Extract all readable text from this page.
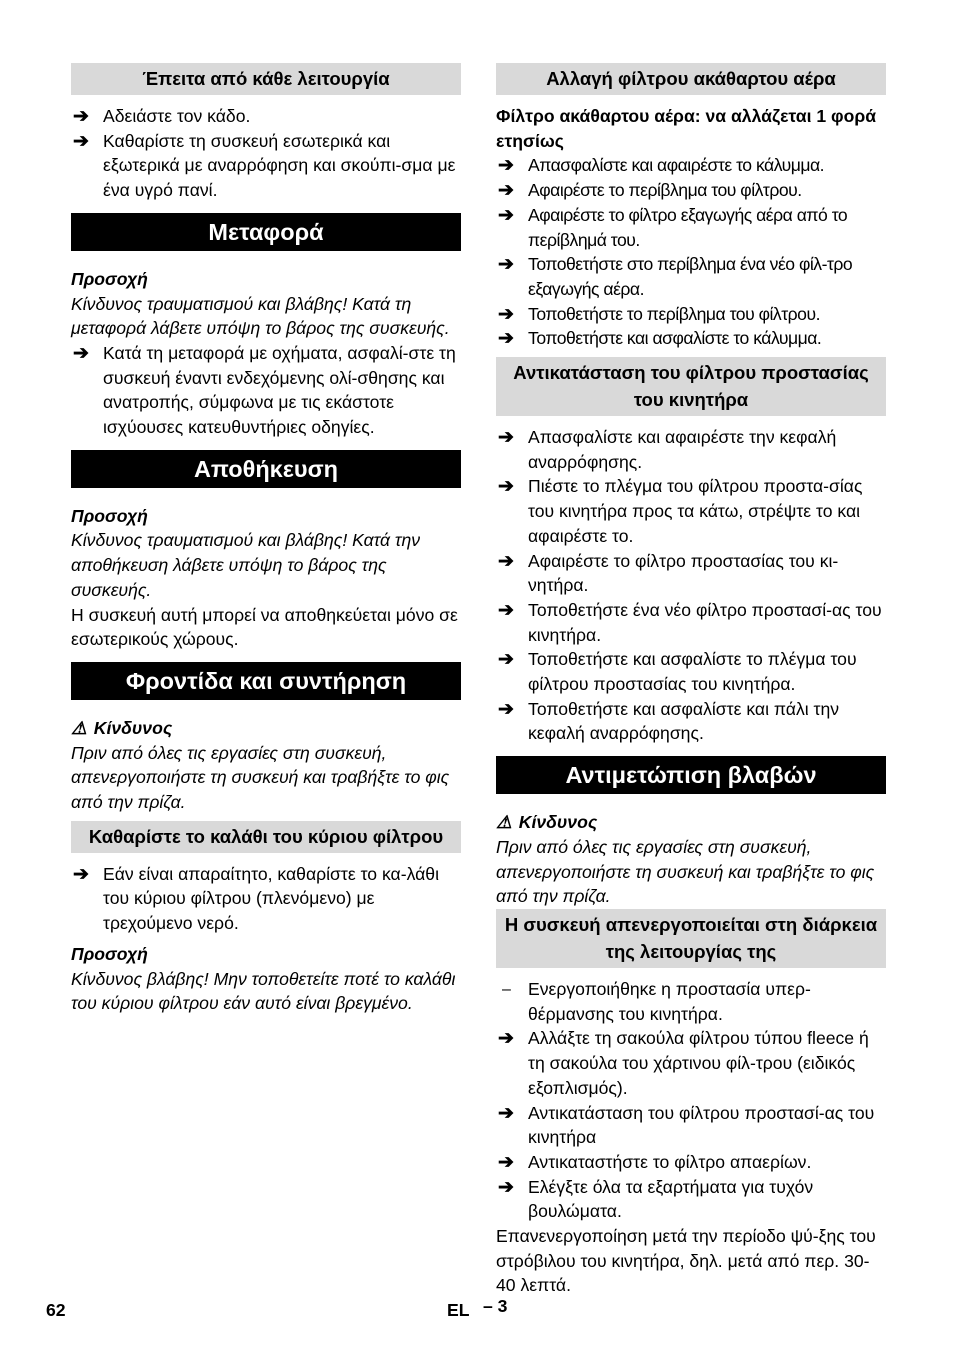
Έπειτα από κάθε λειτουργία
➔ Αδειάστε τον κάδο.
➔ Καθαρίστε τη συσκευή εσωτερικά και εξωτερικά με αναρρόφηση και σκούπι-σμα με ένα υγρό πανί.
Μεταφορά

Προσοχή

Κίνδυνος τραυματισμού και βλάβης! Κατά τη μεταφορά λάβετε υπόψη το βάρος της συσκευής.

➔ Κατά τη μεταφορά με οχήματα, ασφαλί-στε τη συσκευή έναντι ενδεχόμενης ολί-σθησης και ανατροπής, σύμφωνα με τις εκάστοτε ισχύουσες κατευθυντήριες οδηγίες.
Αποθήκευση

Προσοχή

Κίνδυνος τραυματισμού και βλάβης! Κατά την αποθήκευση λάβετε υπόψη το βάρος της συσκευής.

Η συσκευή αυτή μπορεί να αποθηκεύεται μόνο σε εσωτερικούς χώρους.

Φροντίδα και συντήρηση

⚠ Κίνδυνος

Πριν από όλες τις εργασίες στη συσκευή, απενεργοποιήστε τη συσκευή και τραβήξτε το φις από την πρίζα.

Καθαρίστε το καλάθι του κύριου φίλτρου
➔ Εάν είναι απαραίτητο, καθαρίστε το κα-λάθι του κύριου φίλτρου (πλενόμενο) με τρεχούμενο νερό.

Προσοχή

Κίνδυνος βλάβης! Μην τοποθετείτε ποτέ το καλάθι του κύριου φίλτρου εάν αυτό είναι βρεγμένο.

Αλλαγή φίλτρου ακάθαρτου αέρα

Φίλτρο ακάθαρτου αέρα: να αλλάζεται 1 φορά ετησίως

➔ Απασφαλίστε και αφαιρέστε το κάλυμμα.
➔ Αφαιρέστε το περίβλημα του φίλτρου.
➔ Αφαιρέστε το φίλτρο εξαγωγής αέρα από το περίβλημά του.
➔ Τοποθετήστε στο περίβλημα ένα νέο φίλ-τρο εξαγωγής αέρα.
➔ Τοποθετήστε το περίβλημα του φίλτρου.
➔ Τοποθετήστε και ασφαλίστε το κάλυμμα.
Αντικατάσταση του φίλτρου προστασίας του κινητήρα
➔ Απασφαλίστε και αφαιρέστε την κεφαλή αναρρόφησης.
➔ Πιέστε το πλέγμα του φίλτρου προστα-σίας του κινητήρα προς τα κάτω, στρέψτε το και αφαιρέστε το.
➔ Αφαιρέστε το φίλτρο προστασίας του κι-νητήρα.
➔ Τοποθετήστε ένα νέο φίλτρο προστασί-ας του κινητήρα.
➔ Τοποθετήστε και ασφαλίστε το πλέγμα του φίλτρου προστασίας του κινητήρα.
➔ Τοποθετήστε και ασφαλίστε και πάλι την κεφαλή αναρρόφησης.
Αντιμετώπιση βλαβών

⚠ Κίνδυνος

Πριν από όλες τις εργασίες στη συσκευή, απενεργοποιήστε τη συσκευή και τραβήξτε το φις από την πρίζα.

Η συσκευή απενεργοποιείται στη διάρκεια της λειτουργίας της
– Ενεργοποιήθηκε η προστασία υπερ-θέρμανσης του κινητήρα.
➔ Αλλάξτε τη σακούλα φίλτρου τύπου fleece ή τη σακούλα του χάρτινου φίλ-τρου (ειδικός εξοπλισμός).
➔ Αντικατάσταση του φίλτρου προστασί-ας του κινητήρα
➔ Αντικαταστήστε το φίλτρο απαερίων.
➔ Ελέγξτε όλα τα εξαρτήματα για τυχόν βουλώματα.

Επανενεργοποίηση μετά την περίοδο ψύ-ξης του στρόβιλου του κινητήρα, δηλ. μετά από περ. 30-40 λεπτά.

62	EL – 3
